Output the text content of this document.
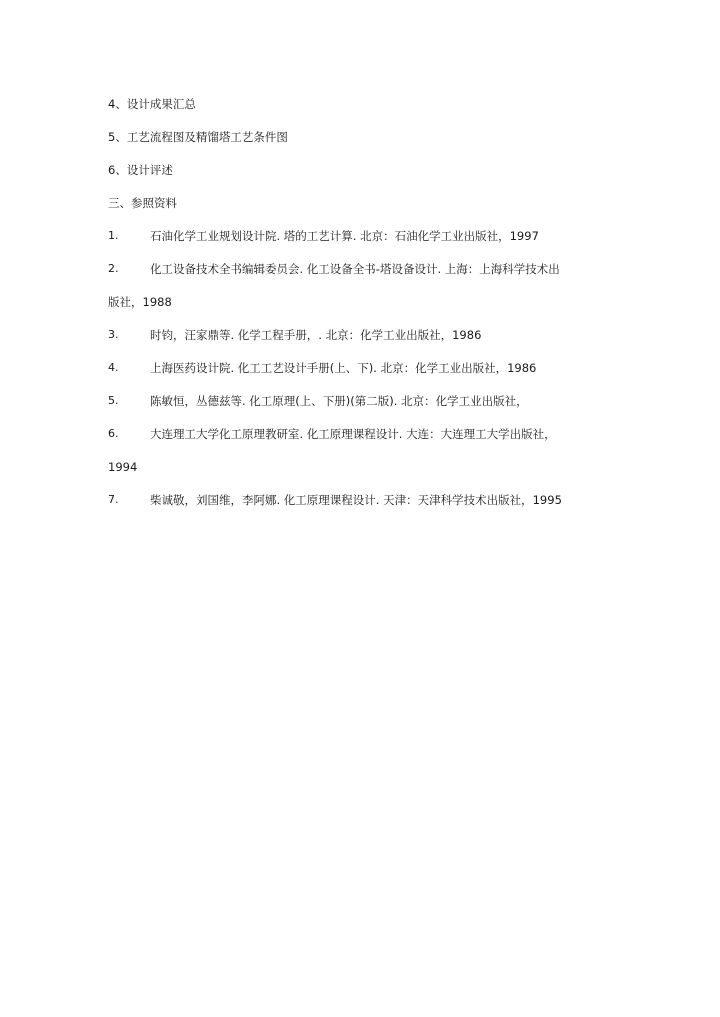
4、设计成果汇总
5、工艺流程图及精馏塔工艺条件图
6、设计评述
三、参照资料
1.	石油化学工业规划设计院. 塔的工艺计算. 北京：石油化学工业出版社，1997
2.	化工设备技术全书编辑委员会. 化工设备全书-塔设备设计. 上海：上海科学技术出
版社，1988
3.	时钧，汪家鼎等. 化学工程手册，. 北京：化学工业出版社，1986
4.	上海医药设计院. 化工工艺设计手册(上、下). 北京：化学工业出版社，1986
5.	陈敏恒，丛德兹等. 化工原理(上、下册)(第二版). 北京：化学工业出版社，
6.	大连理工大学化工原理教研室. 化工原理课程设计. 大连：大连理工大学出版社，
1994
7.	柴诚敬，刘国维，李阿娜. 化工原理课程设计. 天津：天津科学技术出版社，1995
